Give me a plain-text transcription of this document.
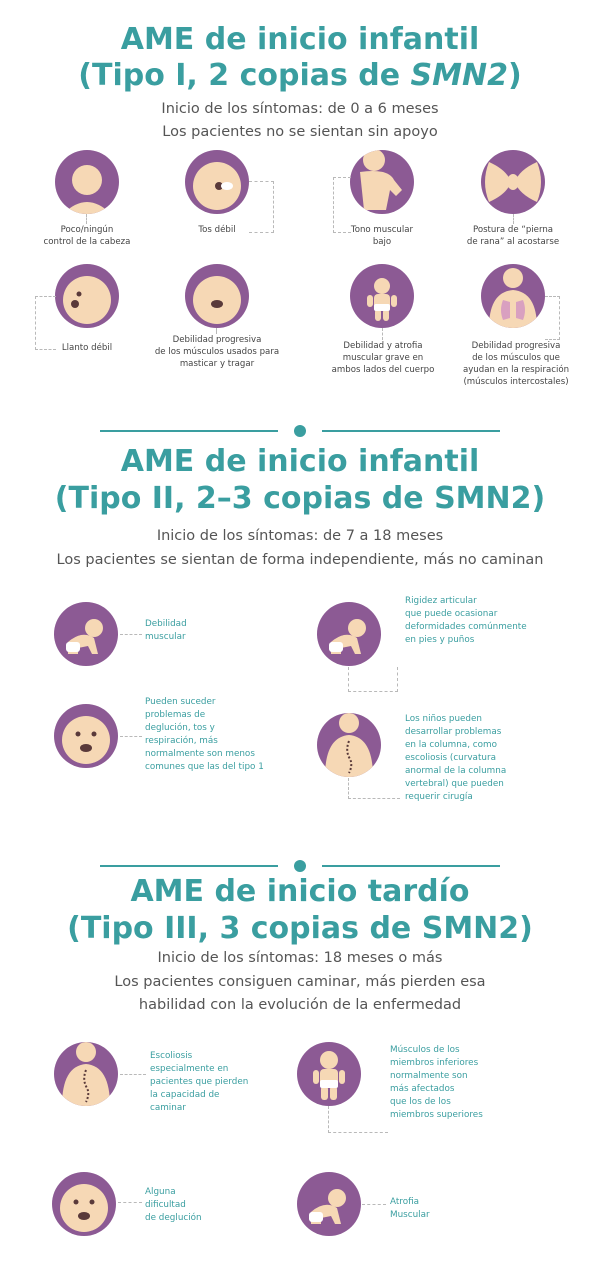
AME de inicio infantil
(Tipo I, 2 copias de SMN2)
Inicio de los síntomas: de 0 a 6 meses
Los pacientes no se sientan sin apoyo
Poco/ningún
control de la cabeza
Tos débil	Tono muscular
bajo
Postura de “pierna
de rana” al acostarse
Llanto débil
Debilidad progresiva
de los músculos usados para
masticar y tragar
Debilidad y atrofia
muscular grave en
ambos lados del cuerpo
Debilidad progresiva
de los músculos que
ayudan en la respiración
(músculos intercostales)
AME de inicio infantil
(Tipo II, 2–3 copias de SMN2)
Inicio de los síntomas: de 7 a 18 meses
Los pacientes se sientan de forma independiente, más no caminan
Debilidad
muscular
Rigidez articular
que puede ocasionar
deformidades comúnmente
en pies y puños
Pueden suceder
problemas de
deglución, tos y
respiración, más
normalmente son menos
comunes que las del tipo 1
Los niños pueden
desarrollar problemas
en la columna, como
escoliosis (curvatura
anormal de la columna
vertebral) que pueden
requerir cirugía
AME de inicio tardío
(Tipo III, 3 copias de SMN2)
Inicio de los síntomas: 18 meses o más
Los pacientes consiguen caminar, más pierden esa
habilidad con la evolución de la enfermedad
Escoliosis
especialmente en
pacientes que pierden
la capacidad de
caminar
Músculos de los
miembros inferiores
normalmente son
más afectados
que los de los
miembros superiores
Alguna
dificultad
de deglución
Atrofia
Muscular
